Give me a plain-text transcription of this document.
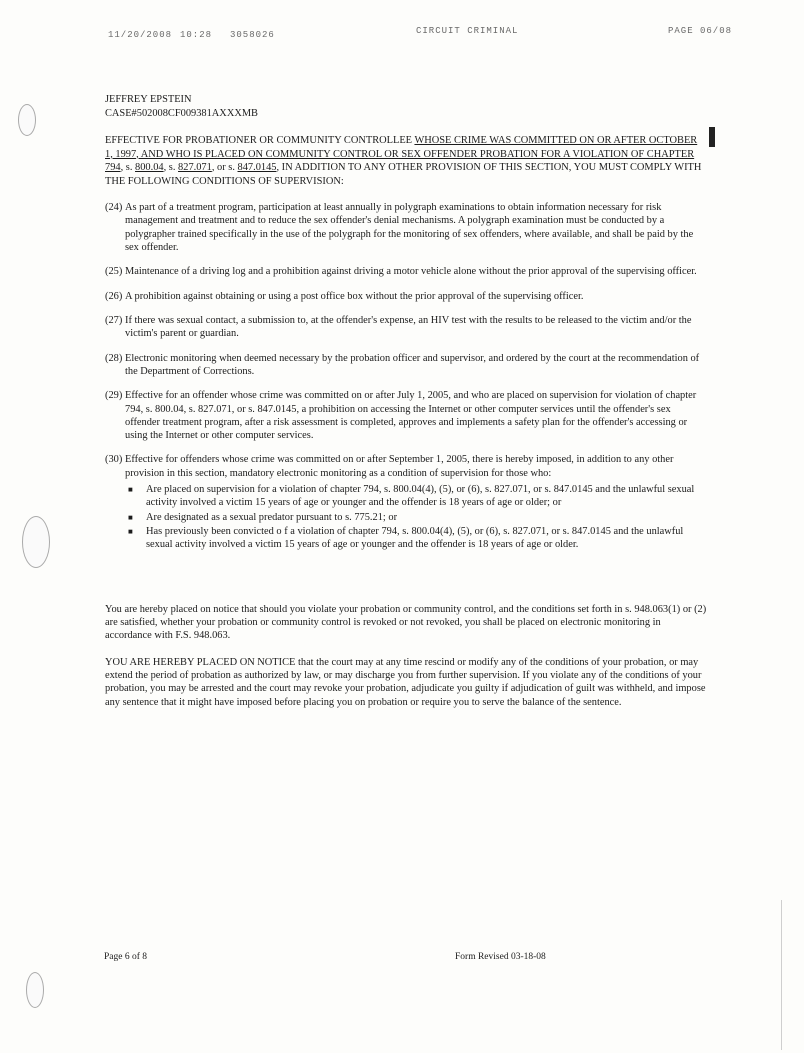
11/20/2008 10:28 3058026	CIRCUIT CRIMINAL	PAGE 06/08
JEFFREY EPSTEIN
CASE#502008CF009381AXXXMB
EFFECTIVE FOR PROBATIONER OR COMMUNITY CONTROLLEE WHOSE CRIME WAS COMMITTED ON OR AFTER OCTOBER 1, 1997, AND WHO IS PLACED ON COMMUNITY CONTROL OR SEX OFFENDER PROBATION FOR A VIOLATION OF CHAPTER 794, s. 800.04, s. 827.071, or s. 847.0145, IN ADDITION TO ANY OTHER PROVISION OF THIS SECTION, YOU MUST COMPLY WITH THE FOLLOWING CONDITIONS OF SUPERVISION:
(24) As part of a treatment program, participation at least annually in polygraph examinations to obtain information necessary for risk management and treatment and to reduce the sex offender's denial mechanisms. A polygraph examination must be conducted by a polygrapher trained specifically in the use of the polygraph for the monitoring of sex offenders, where available, and shall be paid by the sex offender.
(25) Maintenance of a driving log and a prohibition against driving a motor vehicle alone without the prior approval of the supervising officer.
(26) A prohibition against obtaining or using a post office box without the prior approval of the supervising officer.
(27) If there was sexual contact, a submission to, at the offender's expense, an HIV test with the results to be released to the victim and/or the victim's parent or guardian.
(28) Electronic monitoring when deemed necessary by the probation officer and supervisor, and ordered by the court at the recommendation of the Department of Corrections.
(29) Effective for an offender whose crime was committed on or after July 1, 2005, and who are placed on supervision for violation of chapter 794, s. 800.04, s. 827.071, or s. 847.0145, a prohibition on accessing the Internet or other computer services until the offender's sex offender treatment program, after a risk assessment is completed, approves and implements a safety plan for the offender's accessing or using the Internet or other computer services.
(30) Effective for offenders whose crime was committed on or after September 1, 2005, there is hereby imposed, in addition to any other provision in this section, mandatory electronic monitoring as a condition of supervision for those who:
■	Are placed on supervision for a violation of chapter 794, s. 800.04(4), (5), or (6), s. 827.071, or s. 847.0145 and the unlawful sexual activity involved a victim 15 years of age or younger and the offender is 18 years of age or older; or
■	Are designated as a sexual predator pursuant to s. 775.21; or
■	Has previously been convicted o f a violation of chapter 794, s. 800.04(4), (5), or (6), s. 827.071, or s. 847.0145 and the unlawful sexual activity involved a victim 15 years of age or younger and the offender is 18 years of age or older.
You are hereby placed on notice that should you violate your probation or community control, and the conditions set forth in s. 948.063(1) or (2) are satisfied, whether your probation or community control is revoked or not revoked, you shall be placed on electronic monitoring in accordance with F.S. 948.063.
YOU ARE HEREBY PLACED ON NOTICE that the court may at any time rescind or modify any of the conditions of your probation, or may extend the period of probation as authorized by law, or may discharge you from further supervision. If you violate any of the conditions of your probation, you may be arrested and the court may revoke your probation, adjudicate you guilty if adjudication of guilt was withheld, and impose any sentence that it might have imposed before placing you on probation or require you to serve the balance of the sentence.
Page 6 of 8	Form Revised 03-18-08
